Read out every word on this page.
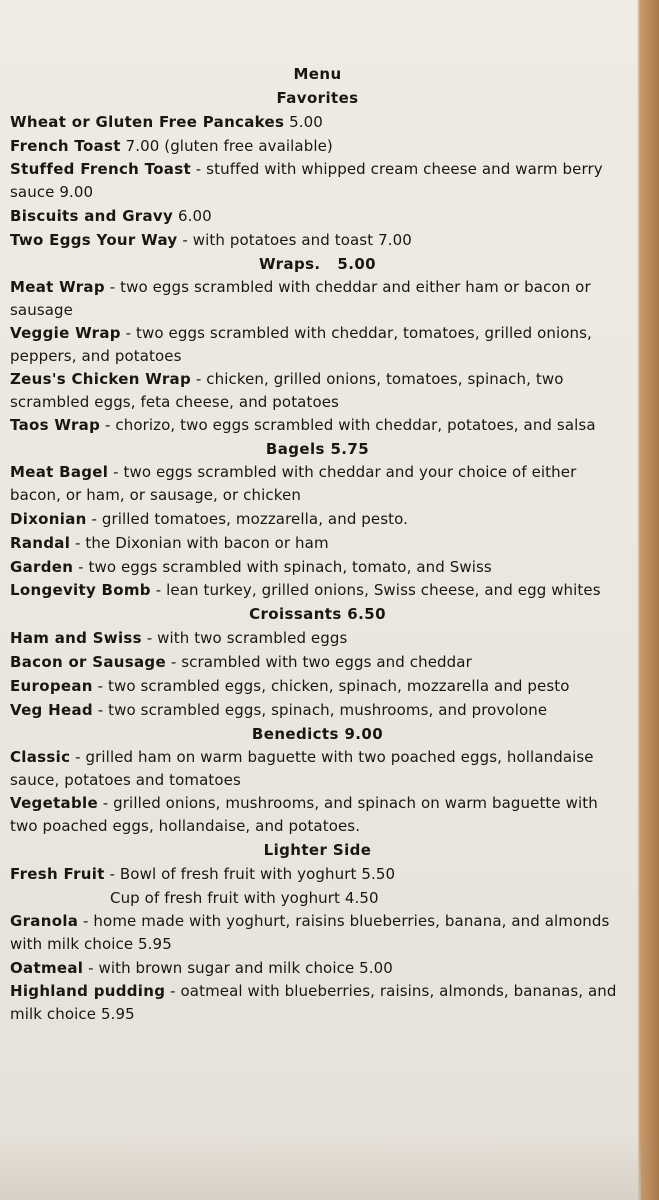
Menu
Favorites

Wheat or Gluten Free Pancakes 5.00

French Toast 7.00 (gluten free available)

Stuffed French Toast - stuffed with whipped cream cheese and warm berry sauce 9.00

Biscuits and Gravy 6.00

Two Eggs Your Way - with potatoes and toast 7.00

Wraps.   5.00

Meat Wrap - two eggs scrambled with cheddar and either ham or bacon or sausage

Veggie Wrap - two eggs scrambled with cheddar, tomatoes, grilled onions, peppers, and potatoes

Zeus's Chicken Wrap - chicken, grilled onions, tomatoes, spinach, two scrambled eggs, feta cheese, and potatoes

Taos Wrap - chorizo, two eggs scrambled with cheddar, potatoes, and salsa

Bagels 5.75

Meat Bagel - two eggs scrambled with cheddar and your choice of either bacon, or ham, or sausage, or chicken

Dixonian - grilled tomatoes, mozzarella, and pesto.

Randal - the Dixonian with bacon or ham

Garden - two eggs scrambled with spinach, tomato, and Swiss

Longevity Bomb - lean turkey, grilled onions, Swiss cheese, and egg whites

Croissants 6.50

Ham and Swiss - with two scrambled eggs

Bacon or Sausage - scrambled with two eggs and cheddar

European - two scrambled eggs, chicken, spinach, mozzarella and pesto

Veg Head - two scrambled eggs, spinach, mushrooms, and provolone

Benedicts 9.00

Classic - grilled ham on warm baguette with two poached eggs, hollandaise sauce, potatoes and tomatoes

Vegetable - grilled onions, mushrooms, and spinach on warm baguette with two poached eggs, hollandaise, and potatoes.

Lighter Side

Fresh Fruit - Bowl of fresh fruit with yoghurt 5.50

Cup of fresh fruit with yoghurt 4.50

Granola - home made with yoghurt, raisins blueberries, banana, and almonds with milk choice 5.95

Oatmeal - with brown sugar and milk choice 5.00

Highland pudding - oatmeal with blueberries, raisins, almonds, bananas, and milk choice 5.95
